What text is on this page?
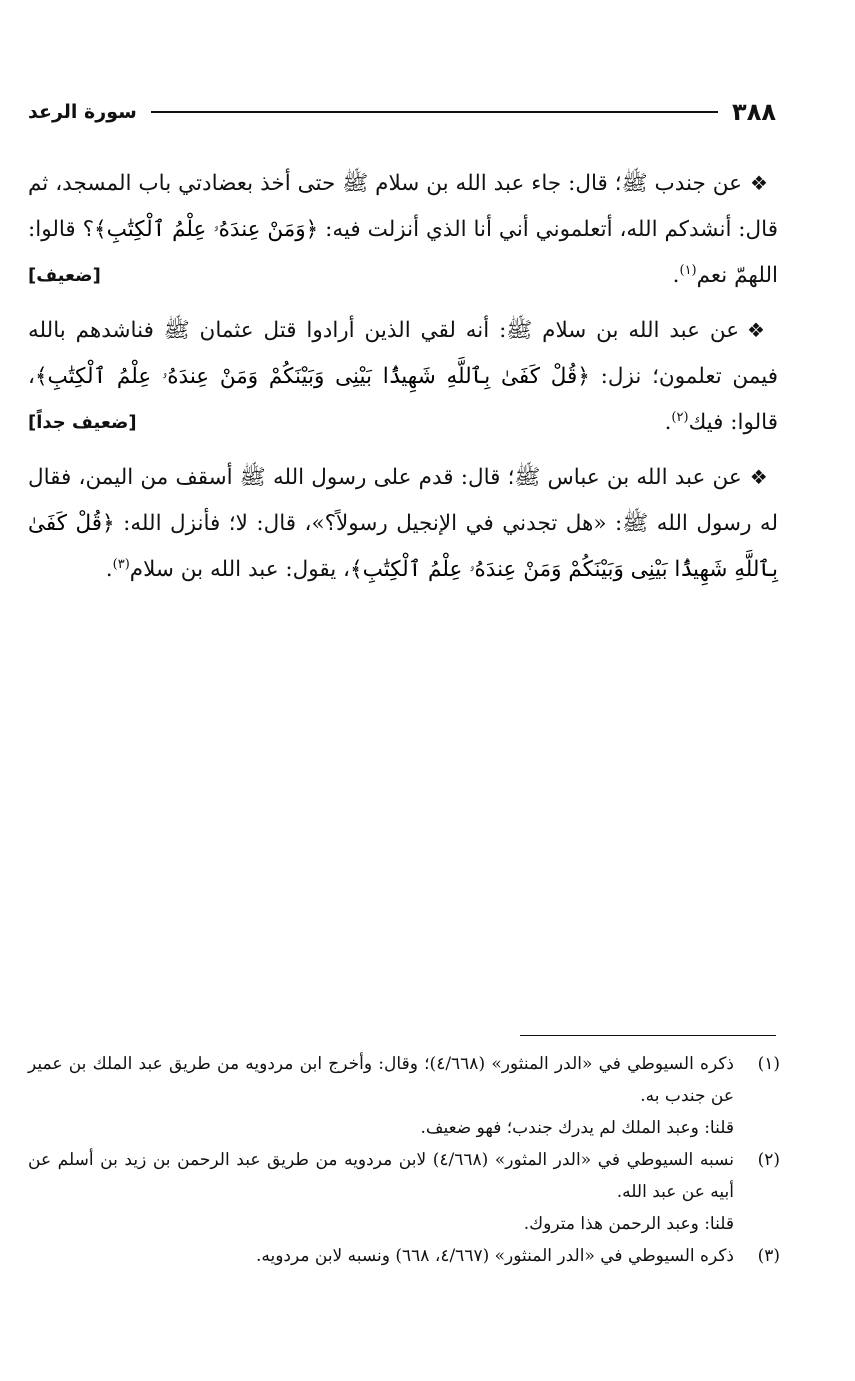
٣٨٨
سورة الرعد

❖عن جندب ﷺ؛ قال: جاء عبد الله بن سلام ﷺ حتى أخذ بعضادتي باب المسجد، ثم قال: أنشدكم الله، أتعلموني أني أنا الذي أنزلت فيه: ﴿وَمَنْ عِندَهُۥ عِلْمُ ٱلْكِتَٰبِ﴾؟ قالوا: اللهمّ نعم$^{(١)}$.
[ضعيف]

❖عن عبد الله بن سلام ﷺ: أنه لقي الذين أرادوا قتل عثمان ﷺ فناشدهم بالله فيمن تعلمون؛ نزل: ﴿قُلْ كَفَىٰ بِٱللَّهِ شَهِيدًۢا بَيْنِى وَبَيْنَكُمْ وَمَنْ عِندَهُۥ عِلْمُ ٱلْكِتَٰبِ﴾، قالوا: فيك$^{(٢)}$.
[ضعيف جداً]

❖عن عبد الله بن عباس ﷺ؛ قال: قدم على رسول الله ﷺ أسقف من اليمن، فقال له رسول الله ﷺ: «هل تجدني في الإنجيل رسولاً؟»، قال: لا؛ فأنزل الله: ﴿قُلْ كَفَىٰ بِٱللَّهِ شَهِيدًۢا بَيْنِى وَبَيْنَكُمْ وَمَنْ عِندَهُۥ عِلْمُ ٱلْكِتَٰبِ﴾، يقول: عبد الله بن سلام$^{(٣)}$.

(١)
ذكره السيوطي في «الدر المنثور» (٤/٦٦٨)؛ وقال: وأخرج ابن مردويه من طريق عبد الملك بن عمير عن جندب به.
قلنا: وعبد الملك لم يدرك جندب؛ فهو ضعيف.
(٢)
نسبه السيوطي في «الدر المثور» (٤/٦٦٨) لابن مردويه من طريق عبد الرحمن بن زيد بن أسلم عن أبيه عن عبد الله.
قلنا: وعبد الرحمن هذا متروك.
(٣)
ذكره السيوطي في «الدر المنثور» (٤/٦٦٧، ٦٦٨) ونسبه لابن مردويه.
